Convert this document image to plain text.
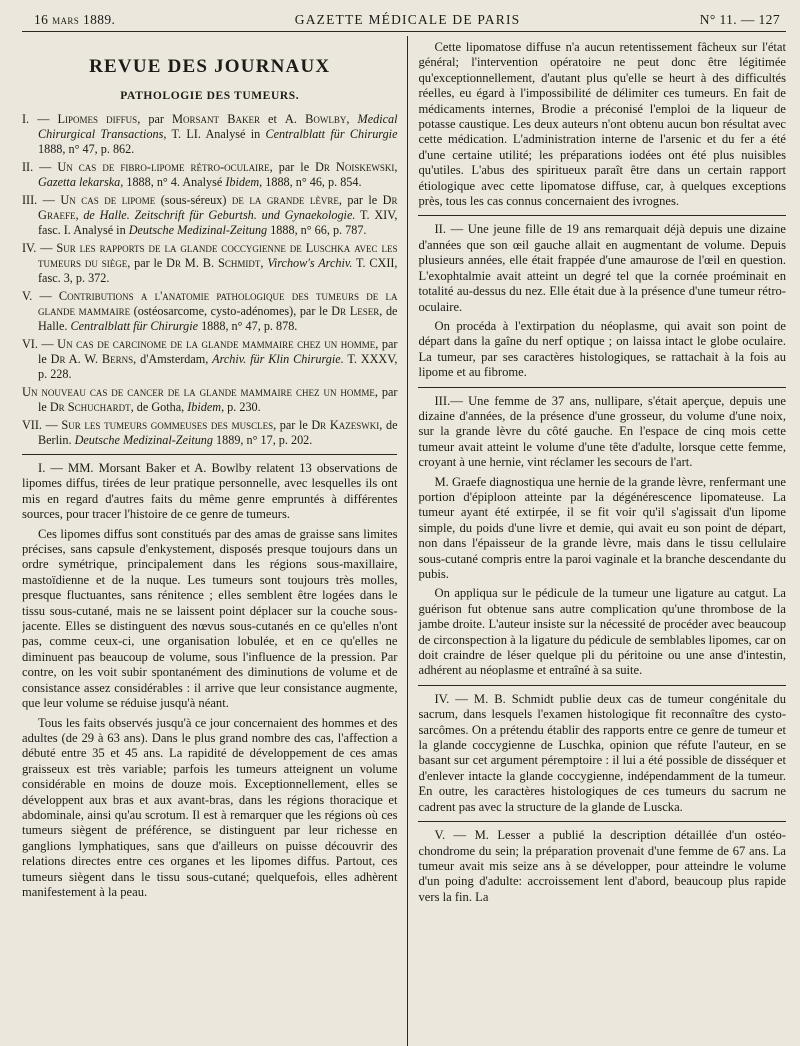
16 mars 1889.	GAZETTE MÉDICALE DE PARIS	N° 11. — 127
REVUE DES JOURNAUX
PATHOLOGIE DES TUMEURS.
I. — Lipomes diffus, par Morsant Baker et A. Bowlby, Medical Chirurgical Transactions, T. LI. Analysé in Centralblatt für Chirurgie 1888, n° 47, p. 862.
II. — Un cas de fibro-lipome rétro-oculaire, par le Dr Noiskewski, Gazetta lekarska, 1888, n° 4. Analysé Ibidem, 1888, n° 46, p. 854.
III. — Un cas de lipome (sous-séreux) de la grande lèvre, par le Dr Graefe, de Halle. Zeitschrift für Geburtsh. und Gynaekologie. T. XIV, fasc. I. Analysé in Deutsche Medizinal-Zeitung 1888, n° 66, p. 787.
IV. — Sur les rapports de la glande coccygienne de Luschka avec les tumeurs du siège, par le Dr M. B. Schmidt, Virchow's Archiv. T. CXII, fasc. 3, p. 372.
V. — Contributions a l'anatomie pathologique des tumeurs de la glande mammaire (ostéosarcome, cysto-adénomes), par le Dr Leser, de Halle. Centralblatt für Chirurgie 1888, n° 47, p. 878.
VI. — Un cas de carcinome de la glande mammaire chez un homme, par le Dr A. W. Berns, d'Amsterdam, Archiv. für Klin Chirurgie. T. XXXV, p. 228.
Un nouveau cas de cancer de la glande mammaire chez un homme, par le Dr Schuchardt, de Gotha, Ibidem, p. 230.
VII. — Sur les tumeurs gommeuses des muscles, par le Dr Kazeswki, de Berlin. Deutsche Medizinal-Zeitung 1889, n° 17, p. 202.

I. — MM. Morsant Baker et A. Bowlby relatent 13 observations de lipomes diffus, tirées de leur pratique personnelle, avec lesquelles ils ont mis en regard d'autres faits du même genre empruntés à différentes sources, pour tracer l'histoire de ce genre de tumeurs.

Ces lipomes diffus sont constitués par des amas de graisse sans limites précises, sans capsule d'enkystement, disposés presque toujours dans un ordre symétrique, principalement dans les régions sous-maxillaire, mastoïdienne et de la nuque. Les tumeurs sont toujours très molles, presque fluctuantes, sans rénitence ; elles semblent être logées dans le tissu sous-cutané, mais ne se laissent point déplacer sur la couche sous-jacente. Elles se distinguent des nœvus sous-cutanés en ce qu'elles n'ont pas, comme ceux-ci, une organisation lobulée, et en ce qu'elles ne diminuent pas beaucoup de volume, sous l'influence de la pression. Par contre, on les voit subir spontanément des diminutions de volume et de consistance assez considérables : il arrive que leur consistance augmente, que leur volume se réduise jusqu'à néant.

Tous les faits observés jusqu'à ce jour concernaient des hommes et des adultes (de 29 à 63 ans). Dans le plus grand nombre des cas, l'affection a débuté entre 35 et 45 ans. La rapidité de développement de ces amas graisseux est très variable; parfois les tumeurs atteignent un volume considérable en moins de douze mois. Exceptionnellement, elles se développent aux bras et aux avant-bras, dans les régions thoracique et abdominale, ainsi qu'au scrotum. Il est à remarquer que les régions où ces tumeurs siègent de préférence, se distinguent par leur richesse en ganglions lymphatiques, sans que d'ailleurs on puisse découvrir des relations directes entre ces organes et les lipomes diffus. Partout, ces tumeurs siègent dans le tissu sous-cutané; quelquefois, elles adhèrent manifestement à la peau.

Cette lipomatose diffuse n'a aucun retentissement fâcheux sur l'état général; l'intervention opératoire ne peut donc être légitimée qu'exceptionnellement, d'autant plus qu'elle se heurt à des difficultés réelles, eu égard à l'impossibilité de délimiter ces tumeurs. En fait de médicaments internes, Brodie a préconisé l'emploi de la liqueur de potasse caustique. Les deux auteurs n'ont obtenu aucun bon résultat avec cette médication. L'administration interne de l'arsenic et du fer a été d'une certaine utilité; les préparations iodées ont été plus nuisibles qu'utiles. L'abus des spiritueux paraît être dans un certain rapport étiologique avec cette lipomatose diffuse, car, à quelques exceptions près, tous les cas connus concernaient des ivrognes.

II. — Une jeune fille de 19 ans remarquait déjà depuis une dizaine d'années que son œil gauche allait en augmentant de volume. Depuis plusieurs années, elle était frappée d'une amaurose de l'œil en question. L'exophtalmie avait atteint un degré tel que la cornée proéminait en totalité au-dessus du nez. Elle était due à la présence d'une tumeur rétro-oculaire.

On procéda à l'extirpation du néoplasme, qui avait son point de départ dans la gaîne du nerf optique ; on laissa intact le globe oculaire. La tumeur, par ses caractères histologiques, se rattachait à la fois au lipome et au fibrome.

III.— Une femme de 37 ans, nullipare, s'était aperçue, depuis une dizaine d'années, de la présence d'une grosseur, du volume d'une noix, sur la grande lèvre du côté gauche. En l'espace de cinq mois cette tumeur avait atteint le volume d'une tête d'adulte, lorsque cette femme, croyant à une hernie, vint réclamer les secours de l'art.

M. Graefe diagnostiqua une hernie de la grande lèvre, renfermant une portion d'épiploon atteinte par la dégénérescence lipomateuse. La tumeur ayant été extirpée, il se fit voir qu'il s'agissait d'un lipome simple, du poids d'une livre et demie, qui avait eu son point de départ, non dans l'épaisseur de la grande lèvre, mais dans le tissu cellulaire sous-cutané compris entre la paroi vaginale et la branche descendante du pubis.

On appliqua sur le pédicule de la tumeur une ligature au catgut. La guérison fut obtenue sans autre complication qu'une thrombose de la jambe droite. L'auteur insiste sur la nécessité de procéder avec beaucoup de circonspection à la ligature du pédicule de semblables lipomes, car on doit craindre de léser quelque pli du péritoine ou une anse d'intestin, adhérent au néoplasme et entraîné à sa suite.

IV. — M. B. Schmidt publie deux cas de tumeur congénitale du sacrum, dans lesquels l'examen histologique fit reconnaître des cysto-sarcômes. On a prétendu établir des rapports entre ce genre de tumeur et la glande coccygienne de Luschka, opinion que réfute l'auteur, en se basant sur cet argument péremptoire : il lui a été possible de disséquer et d'enlever intacte la glande coccygienne, indépendamment de la tumeur. En outre, les caractères histologiques de ces tumeurs du sacrum ne cadrent pas avec la structure de la glande de Luscka.

V. — M. Lesser a publié la description détaillée d'un ostéo-chondrome du sein; la préparation provenait d'une femme de 67 ans. La tumeur avait mis seize ans à se développer, pour atteindre le volume d'un poing d'adulte: accroissement lent d'abord, beaucoup plus rapide vers la fin. La
